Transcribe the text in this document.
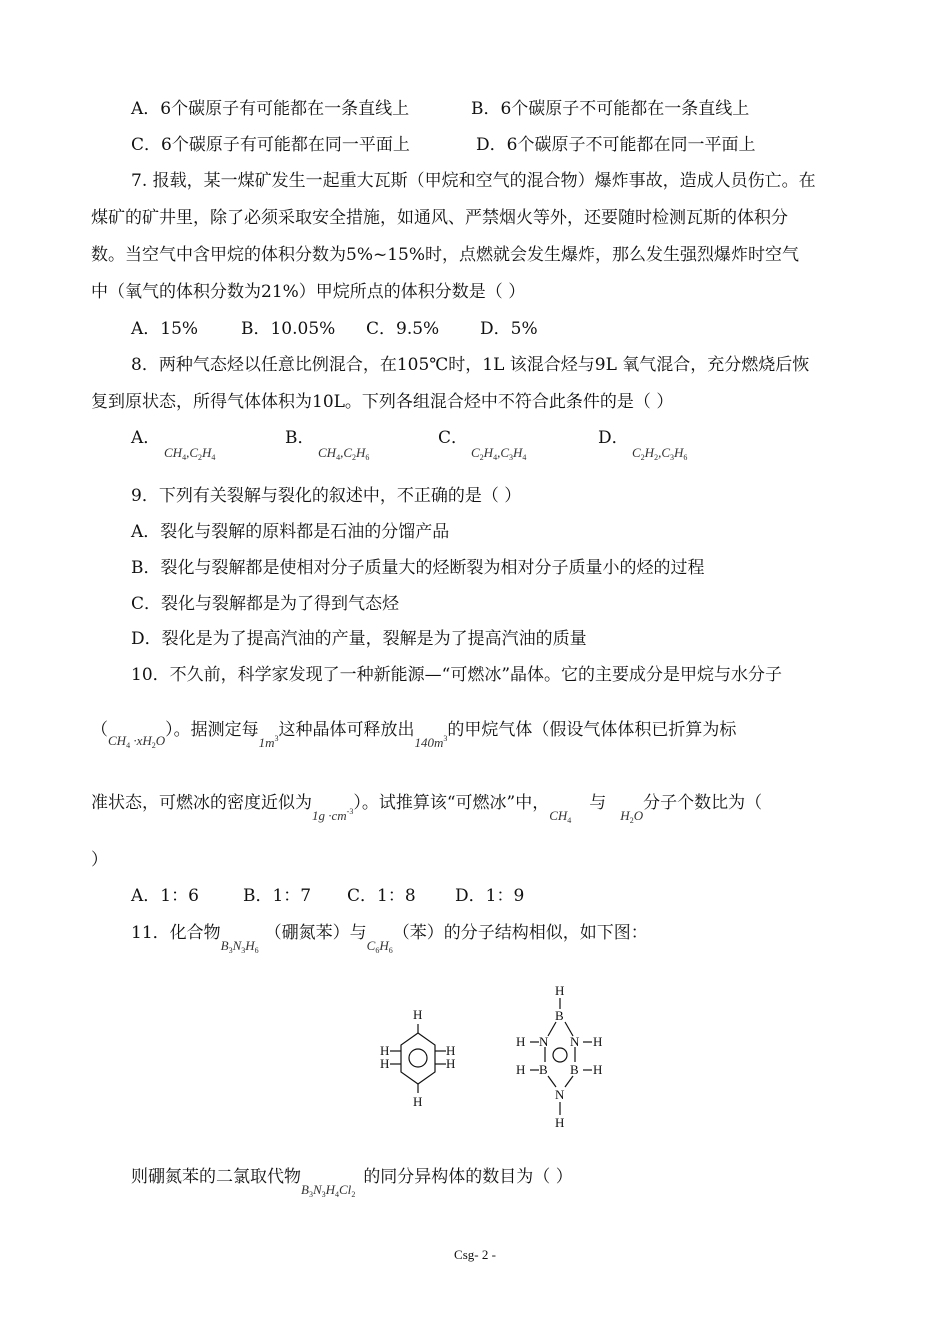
A．6个碳原子有可能都在一条直线上	B．6个碳原子不可能都在一条直线上
C．6个碳原子有可能都在同一平面上	D．6个碳原子不可能都在同一平面上
7. 报载，某一煤矿发生一起重大瓦斯（甲烷和空气的混合物）爆炸事故，造成人员伤亡。在
煤矿的矿井里，除了必须采取安全措施，如通风、严禁烟火等外，还要随时检测瓦斯的体积分
数。当空气中含甲烷的体积分数为5%~15%时，点燃就会发生爆炸，那么发生强烈爆炸时空气
中（氧气的体积分数为21%）甲烷所点的体积分数是（ ）
A．15%	B．10.05% C．9.5% D．5%
8．两种气态烃以任意比例混合，在105℃时，1L 该混合烃与9L 氧气混合，充分燃烧后恢
复到原状态，所得气体体积为10L。下列各组混合烃中不符合此条件的是（ ）
A．
$CH_4,C_2H_4$
B．
$CH_4,C_2H_6$
C．
$C_2H_4,C_3H_4$
D．
$C_2H_2,C_3H_6$
9．下列有关裂解与裂化的叙述中，不正确的是（ ）
A．裂化与裂解的原料都是石油的分馏产品
B．裂化与裂解都是使相对分子质量大的烃断裂为相对分子质量小的烃的过程
C．裂化与裂解都是为了得到气态烃
D．裂化是为了提高汽油的产量，裂解是为了提高汽油的质量
10．不久前，科学家发现了一种新能源—“可燃冰”晶体。它的主要成分是甲烷与水分子
$(_{CH_4 \cdot xH_2O})$。据测定每$_{1m^3}$这种晶体可释放出$_{140m^3}$的甲烷气体（假设气体体积已折算为标
准状态，可燃冰的密度近似为$_{1g \cdot cm^{-3}}$）。试推算该“可燃冰”中，$_{CH_4}$与$_{H_2O}$分子个数比为（
）
A．1：6	B．1：7 C．1：8 D．1：9
11．化合物$_{B_3N_3H_6}$（硼氮苯）与$_{C_6H_6}$（苯）的分子结构相似，如下图：
H
H
H
H
H
H
H
B
H N N H
H B B H
N
H
则硼氮苯的二氯取代物$_{B_3N_3H_4Cl_2}$的同分异构体的数目为（ ）
Csg- 2 -
